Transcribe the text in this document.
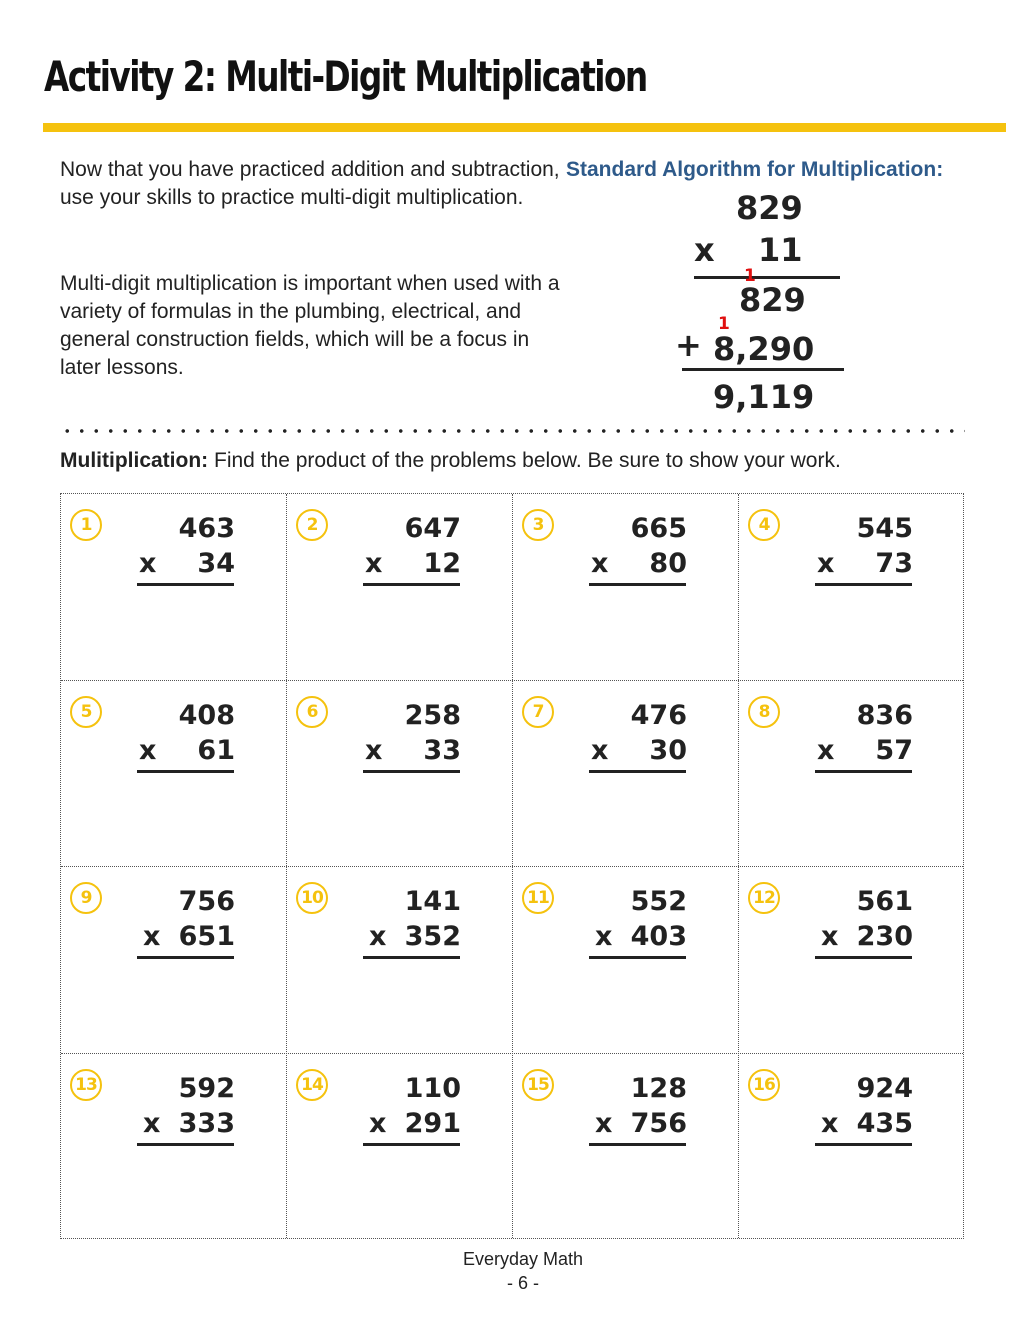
Activity 2: Multi-Digit Multiplication

Now that you have practiced addition and subtraction, use your skills to practice multi-digit multiplication.

Multi-digit multiplication is important when used with a variety of formulas in the plumbing, electrical, and general construction fields, which will be a focus in later lessons.

Standard Algorithm for Multiplication:
829
x 11
1
829
1
+ 8,290
9,119
Mulitiplication: Find the product of the problems below. Be sure to show your work.
1	463
x 34
2	647
x 12
3	665
x 80
4	545
x 73
5	408
x 61
6	258
x 33
7	476
x 30
8	836
x 57
9	756
x 651
10	141
x 352
11	552
x 403
12	561
x 230
13	592
x 333
14	110
x 291
15	128
x 756
16	924
x 435
Everyday Math
- 6 -
